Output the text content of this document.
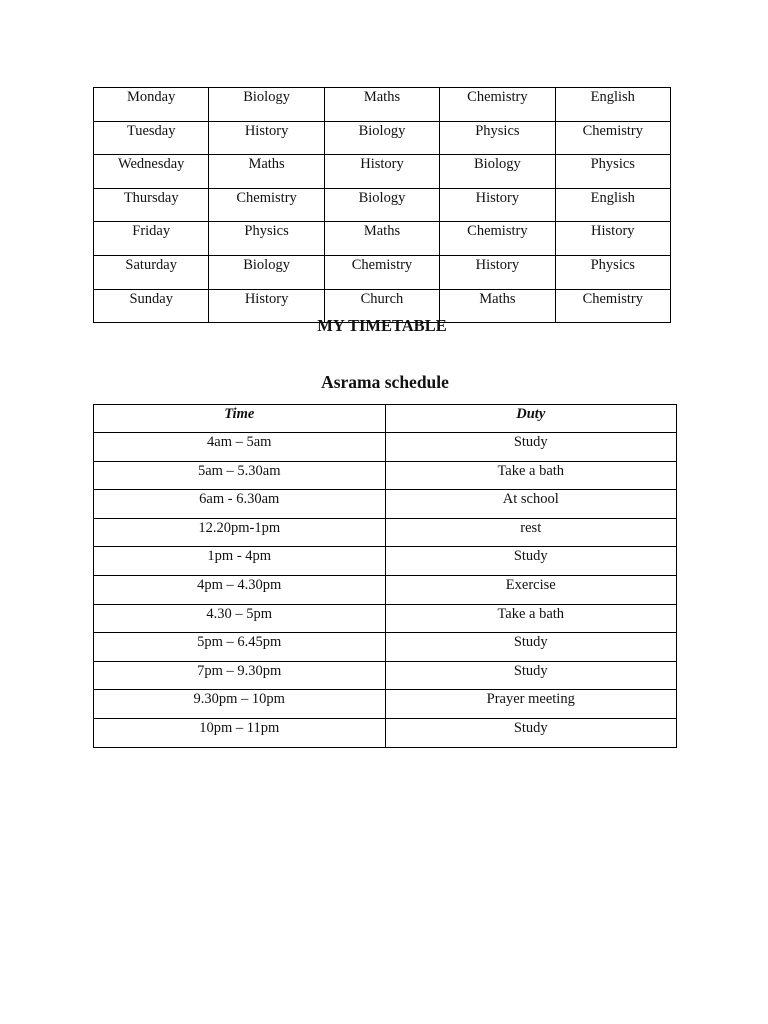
Monday	Biology	Maths	Chemistry	English
Tuesday	History	Biology	Physics	Chemistry
Wednesday	Maths	History	Biology	Physics
Thursday	Chemistry	Biology	History	English
Friday	Physics	Maths	Chemistry	History
Saturday	Biology	Chemistry	History	Physics
Sunday	History	Church	Maths	Chemistry
MY TIMETABLE
Asrama schedule
Time	Duty
4am – 5am	Study
5am – 5.30am	Take a bath
6am - 6.30am	At school
12.20pm-1pm	rest
1pm - 4pm	Study
4pm – 4.30pm	Exercise
4.30 – 5pm	Take a bath
5pm – 6.45pm	Study
7pm – 9.30pm	Study
9.30pm – 10pm	Prayer meeting
10pm – 11pm	Study
